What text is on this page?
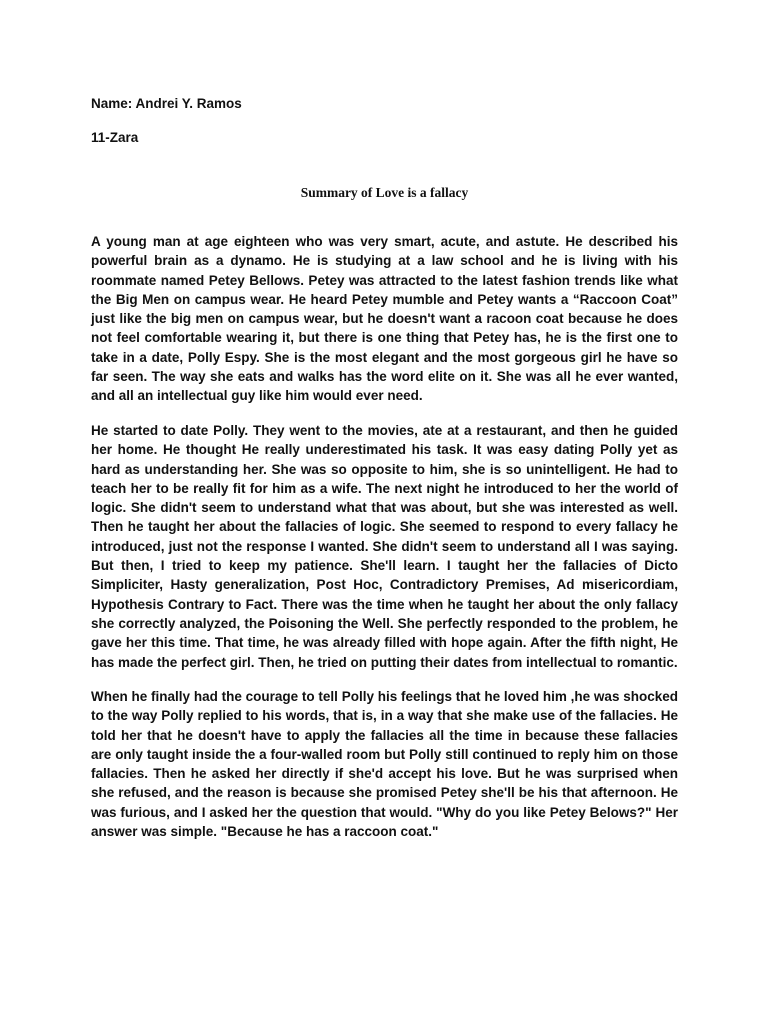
Name: Andrei Y. Ramos
11-Zara
Summary of Love is a fallacy

A young man at age eighteen who was very smart, acute, and astute. He described his powerful brain as a dynamo. He is studying at a law school and he is living with his roommate named Petey Bellows. Petey was attracted to the latest fashion trends like what the Big Men on campus wear. He heard Petey mumble and Petey wants a “Raccoon Coat” just like the big men on campus wear, but he doesn't want a racoon coat because he does not feel comfortable wearing it, but there is one thing that Petey has, he is the first one to take in a date, Polly Espy. She is the most elegant and the most gorgeous girl he have so far seen. The way she eats and walks has the word elite on it. She was all he ever wanted, and all an intellectual guy like him would ever need.

He started to date Polly. They went to the movies, ate at a restaurant, and then he guided her home. He thought He really underestimated his task. It was easy dating Polly yet as hard as understanding her. She was so opposite to him, she is so unintelligent. He had to teach her to be really fit for him as a wife. The next night he introduced to her the world of logic. She didn't seem to understand what that was about, but she was interested as well. Then he taught her about the fallacies of logic. She seemed to respond to every fallacy he introduced, just not the response I wanted. She didn't seem to understand all I was saying. But then, I tried to keep my patience. She'll learn. I taught her the fallacies of Dicto Simpliciter, Hasty generalization, Post Hoc, Contradictory Premises, Ad misericordiam, Hypothesis Contrary to Fact. There was the time when he taught her about the only fallacy she correctly analyzed, the Poisoning the Well. She perfectly responded to the problem, he gave her this time. That time, he was already filled with hope again. After the fifth night, He has made the perfect girl. Then, he tried on putting their dates from intellectual to romantic.

When he finally had the courage to tell Polly his feelings that he loved him ,he was shocked to the way Polly replied to his words, that is, in a way that she make use of the fallacies. He told her that he doesn't have to apply the fallacies all the time in because these fallacies are only taught inside the a four-walled room but Polly still continued to reply him on those fallacies. Then he asked her directly if she'd accept his love. But he was surprised when she refused, and the reason is because she promised Petey she'll be his that afternoon. He was furious, and I asked her the question that would. "Why do you like Petey Belows?" Her answer was simple. "Because he has a raccoon coat."
